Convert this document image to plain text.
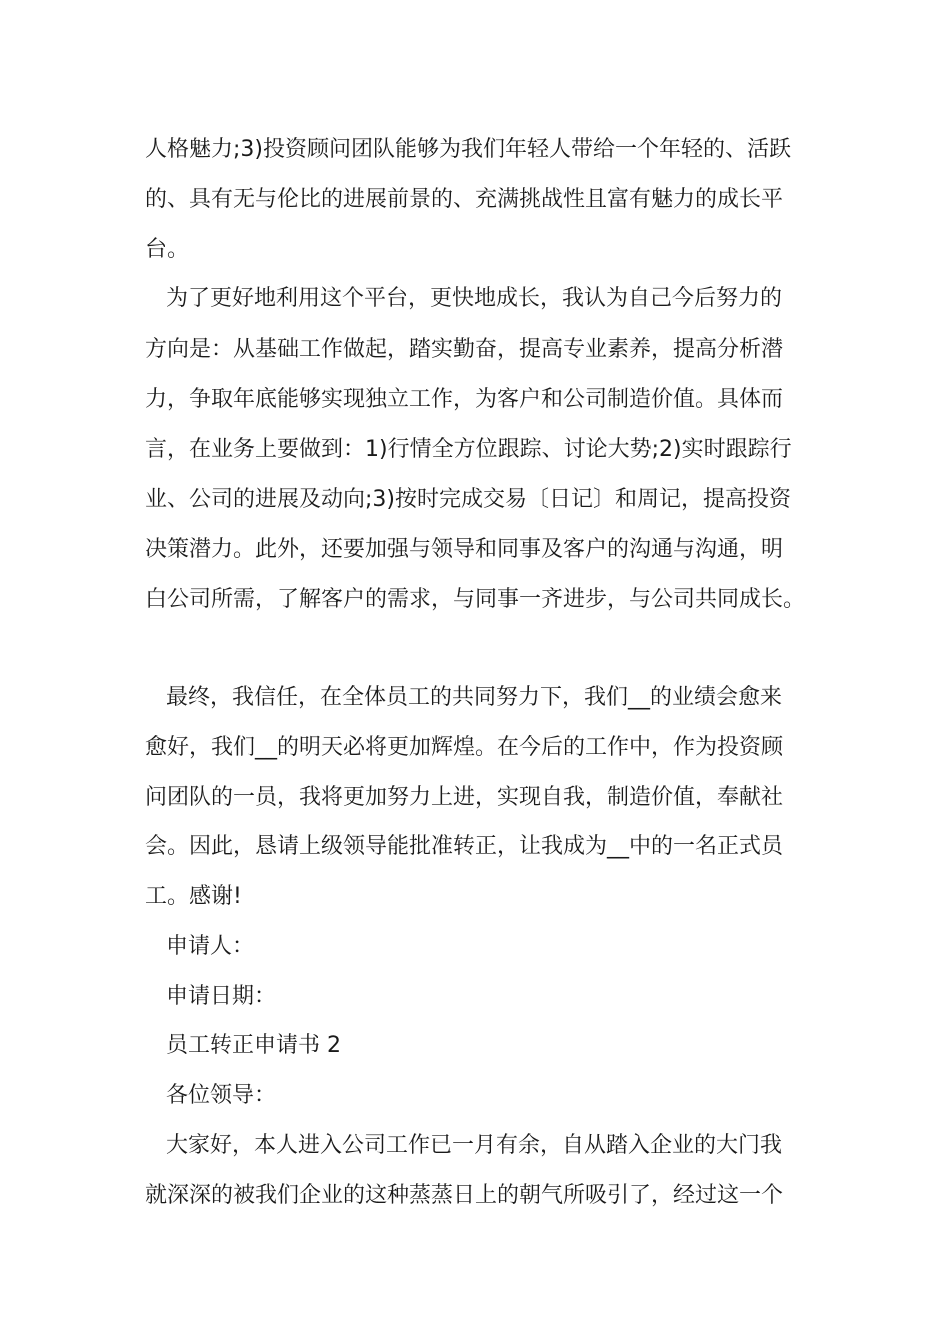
人格魅力;3)投资顾问团队能够为我们年轻人带给一个年轻的、活跃
的、具有无与伦比的进展前景的、充满挑战性且富有魅力的成长平
台。
为了更好地利用这个平台，更快地成长，我认为自己今后努力的
方向是：从基础工作做起，踏实勤奋，提高专业素养，提高分析潜
力，争取年底能够实现独立工作，为客户和公司制造价值。具体而
言，在业务上要做到：1)行情全方位跟踪、讨论大势;2)实时跟踪行
业、公司的进展及动向;3)按时完成交易〔日记〕和周记，提高投资
决策潜力。此外，还要加强与领导和同事及客户的沟通与沟通，明
白公司所需，了解客户的需求，与同事一齐进步，与公司共同成长。
最终，我信任，在全体员工的共同努力下，我们__的业绩会愈来
愈好，我们__的明天必将更加辉煌。在今后的工作中，作为投资顾
问团队的一员，我将更加努力上进，实现自我，制造价值，奉献社
会。因此，恳请上级领导能批准转正，让我成为__中的一名正式员
工。感谢!
申请人：
申请日期：
员工转正申请书 2
各位领导：
大家好，本人进入公司工作已一月有余，自从踏入企业的大门我
就深深的被我们企业的这种蒸蒸日上的朝气所吸引了，经过这一个
